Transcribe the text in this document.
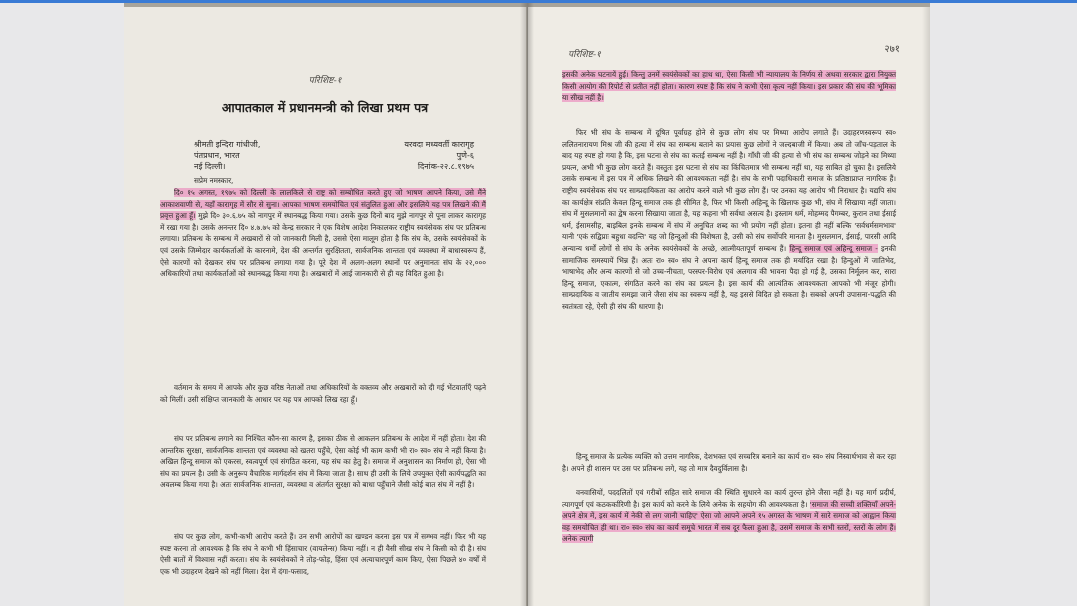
परिशिष्ट-१
आपातकाल में प्रधानमन्त्री को लिखा प्रथम पत्र
श्रीमती इन्दिरा गांधीजी,
पंतप्रधान, भारत
नई दिल्ली।
यरवदा मध्यवर्ती कारागृह
पुणे-६
दिनांक-२२.८.१९७५
सप्रेम नमस्कार,
दि० १५ अगस्त, १९७५ को दिल्ली के लालकिले से राष्ट्र को सम्बोधित करते हुए जो भाषण आपने किया, उसे मैंने आकाशवाणी से, यहाँ कारागृह में सौर से सुना। आपका भाषण समयोचित एवं संतुलित हुआ और इसलिये यह पत्र लिखने की मैं प्रवृत्त हुआ हूँ। मुझे दि० ३०.६.७५ को नागपुर में स्थानबद्ध किया गया। उसके कुछ दिनों बाद मुझे नागपुर से पूना लाकर कारागृह में रखा गया है। उसके अनन्तर दि० ४.७.७५ को केन्द्र सरकार ने एक विशेष आदेश निकालकर राष्ट्रीय स्वयंसेवक संघ पर प्रतिबन्ध लगाया। प्रतिबन्ध के सम्बन्ध में अखबारों से जो जानकारी मिली है, उससे ऐसा मालूम होता है कि संघ के, उसके स्वयंसेवकों के एवं उसके जिम्मेदार कार्यकर्ताओं के कारनामे, देश की अन्तर्गत सुरक्षितता, सार्वजनिक शान्तता एवं व्यवस्था में बाधास्वरूप हैं, ऐसे कारणों को देखकर संघ पर प्रतिबन्ध लगाया गया है। पूरे देश में अलग-अलग स्थानों पर अनुमानतः संघ के २२,००० अधिकारियों तथा कार्यकर्ताओं को स्थानबद्ध किया गया है। अखबारों में आई जानकारी से ही यह विदित हुआ है।
वर्तमान के समय में आपके और कुछ वरिष्ठ नेताओं तथा अधिकारियों के वक्तव्य और अखबारों को दी गई भेंटवार्ताएँ पढ़ने को मिलीं। उसी संक्षिप्त जानकारी के आधार पर यह पत्र आपको लिख रहा हूँ।
संघ पर प्रतिबन्ध लगाने का निश्चित कौन-सा कारण है, इसका ठीक से आकलन प्रतिबन्ध के आदेश में नहीं होता। देश की आन्तरिक सुरक्षा, सार्वजनिक शान्तता एवं व्यवस्था को खतरा पहुँचे, ऐसा कोई भी काम कभी भी रा० स्व० संघ ने नहीं किया है। अखिल हिन्दू समाज को एकरस, स्वत्वपूर्ण एवं संगठित करना, यह संघ का हेतु है। समाज में अनुशासन का निर्माण हो, ऐसा भी संघ का प्रयत्न है। उसी के अनुरूप वैचारिक मार्गदर्शन संघ में किया जाता है। साथ ही उसी के लिये उपयुक्त ऐसी कार्यपद्धति का अवलम्ब किया गया है। अतः सार्वजनिक शान्तता, व्यवस्था व अंतर्गत सुरक्षा को बाधा पहुँचाने जैसी कोई बात संघ में नहीं है।
संघ पर कुछ लोग, कभी-कभी आरोप करते हैं। उन सभी आरोपों का खण्डन करना इस पत्र में सम्भव नहीं। फिर भी यह स्पष्ट करना तो आवश्यक है कि संघ ने कभी भी हिंसाचार (वायलेन्स) किया नहीं। न ही वैसी सीख संघ ने किसी को दी है। संघ ऐसी बातों में विश्वास नहीं करता। संघ के स्वयंसेवकों ने तोड़-फोड़, हिंसा एवं अत्याचारपूर्ण काम किए, ऐसा पिछले ४० वर्षों में एक भी उदाहरण देखने को नहीं मिला। देश में दंगा-फसाद,
परिशिष्ट-१	२७१
इसकी अनेक घटनायें हुई। किन्तु उनमें स्वयंसेवकों का हाथ था, ऐसा किसी भी न्यायालय के निर्णय से अथवा सरकार द्वारा नियुक्त किसी आयोग की रिपोर्ट से प्रतीत नहीं होता। कारण स्पष्ट है कि संघ ने कभी ऐसा कृत्य नहीं किया। इस प्रकार की संघ की भूमिका या सीख नहीं है।
फिर भी संघ के सम्बन्ध में दूषित पूर्वाग्रह होने से कुछ लोग संघ पर मिथ्या आरोप लगाते हैं। उदाहरणस्वरूप स्व० ललितनारायण मिश्र जी की हत्या में संघ का सम्बन्ध बताने का प्रयास कुछ लोगों ने जल्दबाजी में किया। अब तो जाँच-पड़ताल के बाद यह स्पष्ट हो गया है कि, इस घटना से संघ का कतई सम्बन्ध नहीं है। गाँधी जी की हत्या से भी संघ का सम्बन्ध जोड़ने का मिथ्या प्रयत्न, अभी भी कुछ लोग करते हैं। वस्तुतः इस घटना से संघ का किंचितमात्र भी सम्बन्ध नहीं था, यह साबित हो चुका है। इसलिये उसके सम्बन्ध में इस पत्र में अधिक लिखने की आवश्यकता नहीं है। संघ के सभी पदाधिकारी समाज के प्रतिष्ठाप्राप्त नागरिक हैं। राष्ट्रीय स्वयंसेवक संघ पर साम्प्रदायिकता का आरोप करने वाले भी कुछ लोग हैं। पर उनका यह आरोप भी निराधार है। यद्यपि संघ का कार्यक्षेत्र संप्रति केवल हिन्दू समाज तक ही सीमित है, फिर भी किसी अहिन्दू के खिलाफ कुछ भी, संघ में सिखाया नहीं जाता। संघ में मुसलमानों का द्वेष करना सिखाया जाता है, यह कहना भी सर्वथा असत्य है। इस्लाम धर्म, मोहम्मद पैगम्बर, कुरान तथा ईसाई धर्म, ईसामसीह, बाइबिल इनके सम्बन्ध में संघ में अनुचित शब्द का भी प्रयोग नहीं होता। इतना ही नहीं बल्कि 'सर्वधर्मसमभाव' यानी 'एकं सद्विप्राः बहुधा वदन्ति' यह जो हिन्दुओं की विशेषता है, उसी को संघ सर्वोपरि मानता है। मुसलमान, ईसाई, पारसी आदि अन्यान्य धर्मों लोगों से संघ के अनेक स्वयंसेवकों के अच्छे, आत्मीयतापूर्ण सम्बन्ध हैं। हिन्दू समाज एवं अहिन्दू समाज - इनकी सामाजिक समस्यायें भिन्न हैं। अतः रा० स्व० संघ ने अपना कार्य हिन्दू समाज तक ही मर्यादित रखा है। हिन्दुओं में जातिभेद, भाषाभेद और अन्य कारणों से जो उच्च-नीचता, परस्पर-विरोध एवं अलगाव की भावना पैदा हो गई है, उसका निर्मूलन कर, सारा हिन्दू समाज, एकात्म, संगठित करने का संघ का प्रयत्न है। इस कार्य की आत्यंतिक आवश्यकता आपको भी मंजूर होगी। साम्प्रदायिक व जातीय समझा जाने जैसा संघ का स्वरूप नहीं है, यह इससे विदित हो सकता है। सबको अपनी उपासना-पद्धति की स्वतंत्रता रहे, ऐसी ही संघ की धारणा है।
हिन्दू समाज के प्रत्येक व्यक्ति को उत्तम नागरिक, देशभक्त एवं सच्चरित्र बनाने का कार्य रा० स्व० संघ निस्वार्थभाव से कर रहा है। अपने ही शासन पर उस पर प्रतिबन्ध लगे, यह तो मात्र दैवदुर्विलास है।
वनवासियों, पददलितों एवं गरीबों सहित सारे समाज की स्थिति सुधारने का कार्य तुरन्त होने जैसा नहीं है। यह मार्ग प्रदीर्घ, त्यागपूर्ण एवं कठकर्कारिणी है। इस कार्य को करने के लिये अनेक के सहयोग की आवश्यकता है। 'समाज की सच्ची शक्तियाँ अपने-अपने क्षेत्र में, इस कार्य में नेकी से लग जानी चाहिए' ऐसा जो आपने अपने १५ अगस्त के भाषण में सारे समाज को आह्वान किया वह समयोचित ही था। रा० स्व० संघ का कार्य समूचे भारत में सब दूर फैला हुआ है, उसमें समाज के सभी स्तरों, स्तरों के लोग हैं। अनेक त्यागी
